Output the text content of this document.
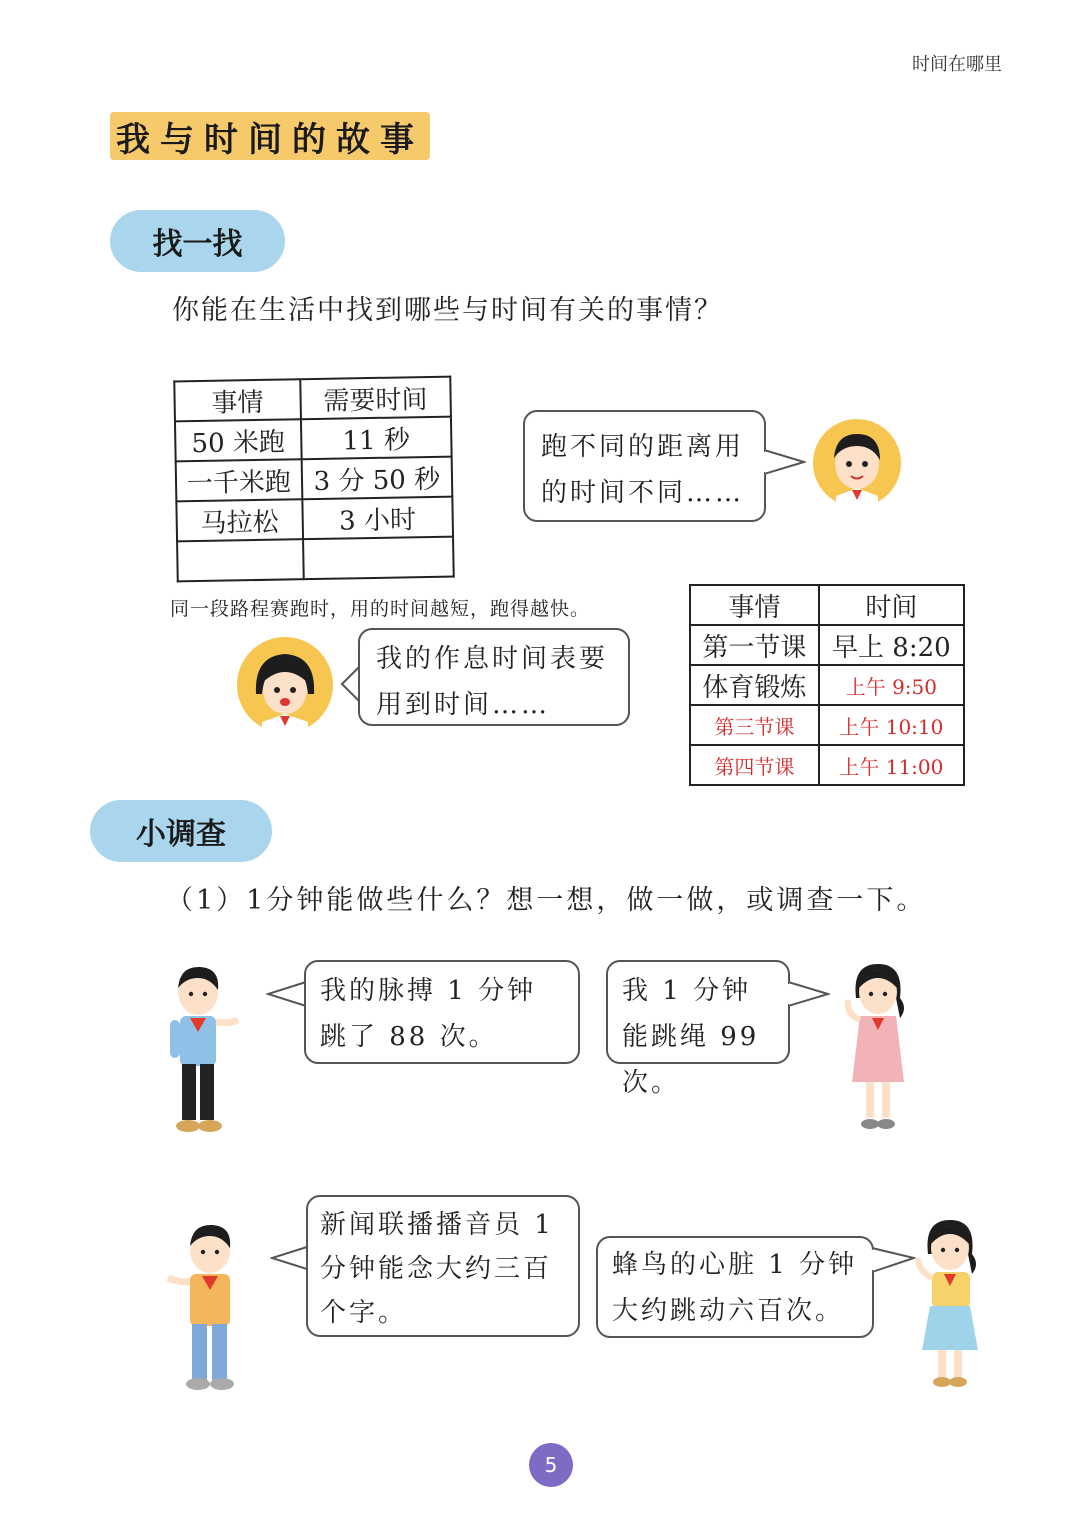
时间在哪里
我与时间的故事
找一找
你能在生活中找到哪些与时间有关的事情？
事情	需要时间
50 米跑	11 秒
一千米跑	3 分 50 秒
马拉松	3 小时

跑不同的距离用的时间不同……
同一段路程赛跑时，用的时间越短，跑得越快。
我的作息时间表要用到时间……
事情	时间
第一节课	早上 8:20
体育锻炼	上午 9:50
第三节课	上午 10:10
第四节课	上午 11:00
小调查
（1）1分钟能做些什么？想一想，做一做，或调查一下。
我的脉搏 1 分钟跳了 88 次。
我 1 分钟能跳绳 99 次。
新闻联播播音员 1 分钟能念大约三百个字。
蜂鸟的心脏 1 分钟大约跳动六百次。
5
